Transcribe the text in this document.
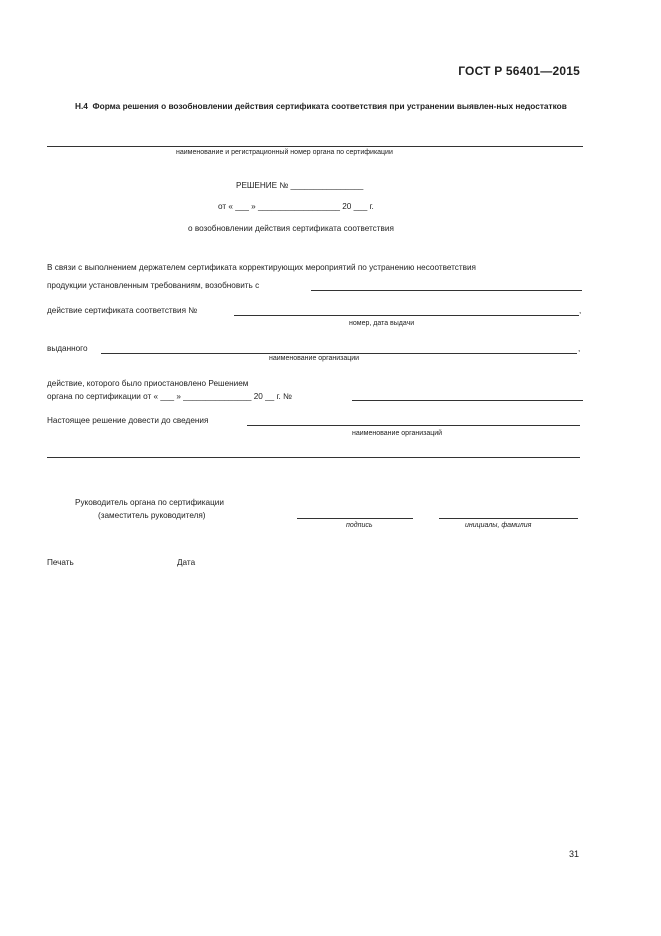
ГОСТ Р 56401—2015
Н.4 Форма решения о возобновлении действия сертификата соответствия при устранении выявлен-ных недостатков
наименование и регистрационный номер органа по сертификации
РЕШЕНИЕ № ________________
от « ___ » __________________ 20 ___ г.
о возобновлении действия сертификата соответствия
В связи с выполнением держателем сертификата корректирующих мероприятий по устранению несоответствия
продукции установленным требованиям, возобновить с
действие сертификата соответствия №	,
номер, дата выдачи
выданного	,
наименование организации
действие, которого было приостановлено Решением
органа по сертификации от « ___ » _______________ 20 __ г. №
Настоящее решение довести до сведения
наименование организаций
Руководитель органа по сертификации
(заместитель руководителя)
подпись	инициалы, фамилия
Печать	Дата
31
